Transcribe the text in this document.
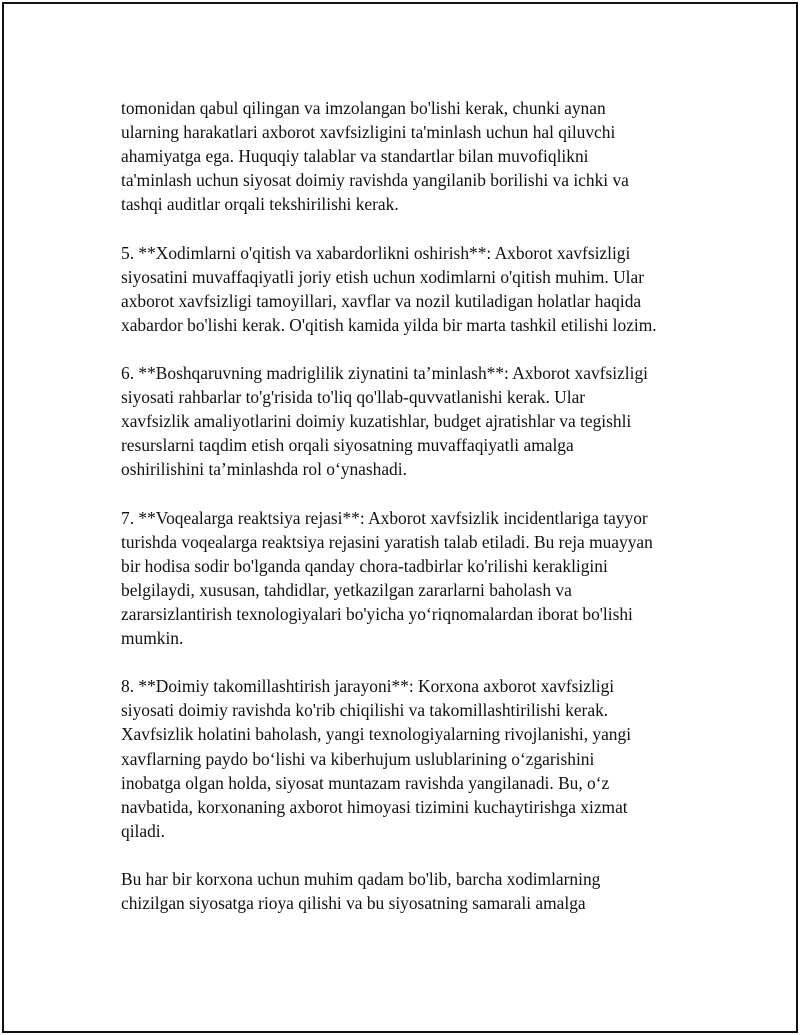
tomonidan qabul qilingan va imzolangan bo'lishi kerak, chunki aynan
ularning harakatlari axborot xavfsizligini ta'minlash uchun hal qiluvchi
ahamiyatga ega. Huquqiy talablar va standartlar bilan muvofiqlikni
ta'minlash uchun siyosat doimiy ravishda yangilanib borilishi va ichki va
tashqi auditlar orqali tekshirilishi kerak.

5. **Xodimlarni o'qitish va xabardorlikni oshirish**: Axborot xavfsizligi
siyosatini muvaffaqiyatli joriy etish uchun xodimlarni o'qitish muhim. Ular
axborot xavfsizligi tamoyillari, xavflar va nozil kutiladigan holatlar haqida
xabardor bo'lishi kerak. O'qitish kamida yilda bir marta tashkil etilishi lozim.

6. **Boshqaruvning madriglilik ziynatini ta’minlash**: Axborot xavfsizligi
siyosati rahbarlar to'g'risida to'liq qo'llab-quvvatlanishi kerak. Ular
xavfsizlik amaliyotlarini doimiy kuzatishlar, budget ajratishlar va tegishli
resurslarni taqdim etish orqali siyosatning muvaffaqiyatli amalga
oshirilishini ta’minlashda rol o‘ynashadi.

7. **Voqealarga reaktsiya rejasi**: Axborot xavfsizlik incidentlariga tayyor
turishda voqealarga reaktsiya rejasini yaratish talab etiladi. Bu reja muayyan
bir hodisa sodir bo'lganda qanday chora-tadbirlar ko'rilishi kerakligini
belgilaydi, xususan, tahdidlar, yetkazilgan zararlarni baholash va
zararsizlantirish texnologiyalari bo'yicha yo‘riqnomalardan iborat bo'lishi
mumkin.

8. **Doimiy takomillashtirish jarayoni**: Korxona axborot xavfsizligi
siyosati doimiy ravishda ko'rib chiqilishi va takomillashtirilishi kerak.
Xavfsizlik holatini baholash, yangi texnologiyalarning rivojlanishi, yangi
xavflarning paydo bo‘lishi va kiberhujum uslublarining o‘zgarishini
inobatga olgan holda, siyosat muntazam ravishda yangilanadi. Bu, o‘z
navbatida, korxonaning axborot himoyasi tizimini kuchaytirishga xizmat
qiladi.

Bu har bir korxona uchun muhim qadam bo'lib, barcha xodimlarning
chizilgan siyosatga rioya qilishi va bu siyosatning samarali amalga
